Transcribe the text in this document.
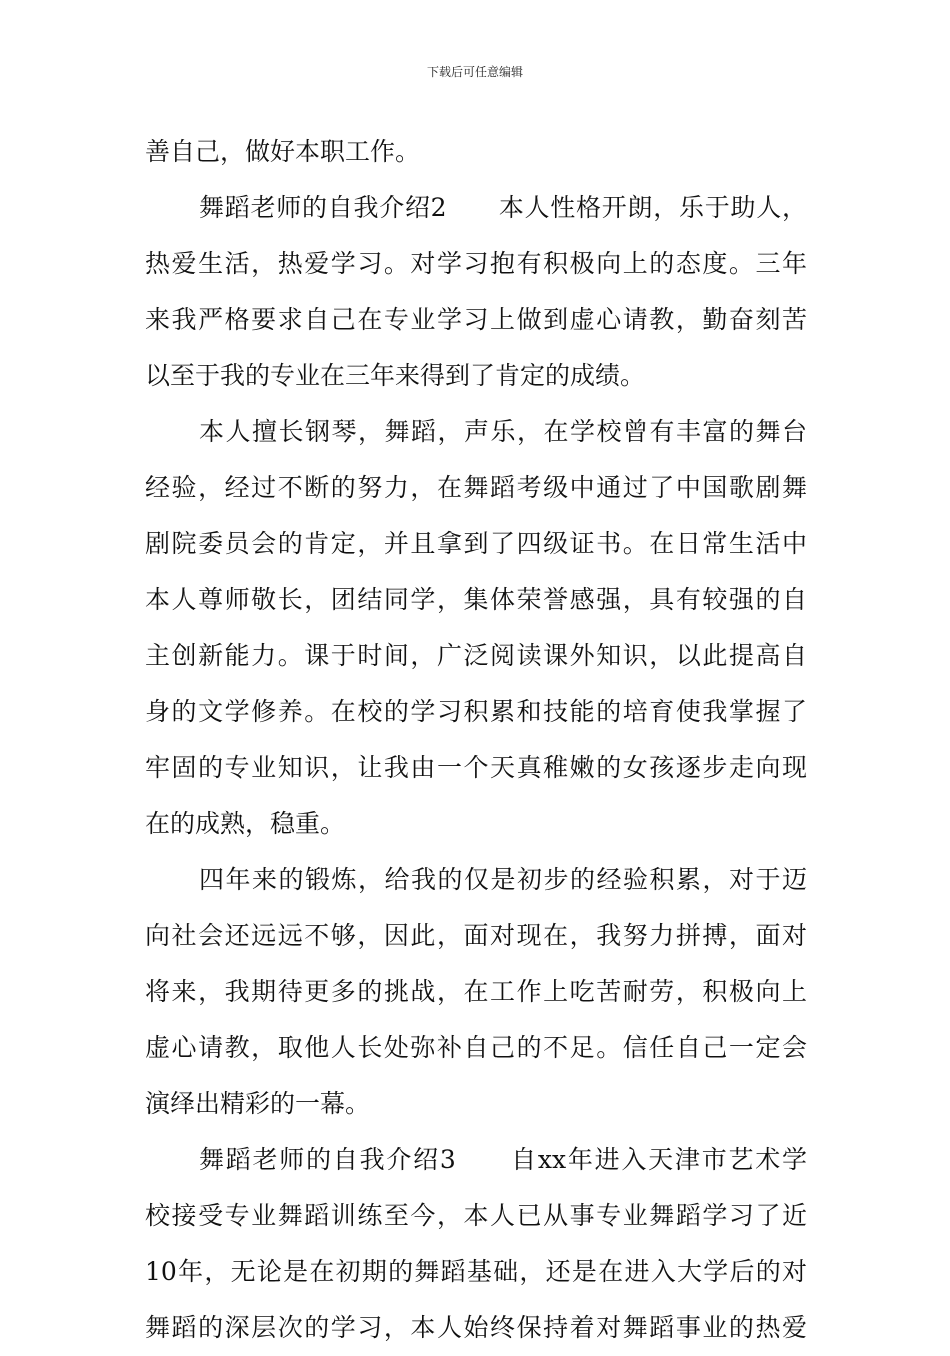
下载后可任意编辑
善自己，做好本职工作。
舞蹈老师的自我介绍2　　本人性格开朗，乐于助人，
热爱生活，热爱学习。对学习抱有积极向上的态度。三年
来我严格要求自己在专业学习上做到虚心请教，勤奋刻苦
以至于我的专业在三年来得到了肯定的成绩。
本人擅长钢琴，舞蹈，声乐，在学校曾有丰富的舞台
经验，经过不断的努力，在舞蹈考级中通过了中国歌剧舞
剧院委员会的肯定，并且拿到了四级证书。在日常生活中
本人尊师敬长，团结同学，集体荣誉感强，具有较强的自
主创新能力。课于时间，广泛阅读课外知识，以此提高自
身的文学修养。在校的学习积累和技能的培育使我掌握了
牢固的专业知识，让我由一个天真稚嫩的女孩逐步走向现
在的成熟，稳重。
四年来的锻炼，给我的仅是初步的经验积累，对于迈
向社会还远远不够，因此，面对现在，我努力拼搏，面对
将来，我期待更多的挑战，在工作上吃苦耐劳，积极向上
虚心请教，取他人长处弥补自己的不足。信任自己一定会
演绎出精彩的一幕。
舞蹈老师的自我介绍3　　自xx年进入天津市艺术学
校接受专业舞蹈训练至今，本人已从事专业舞蹈学习了近
10年，无论是在初期的舞蹈基础，还是在进入大学后的对
舞蹈的深层次的学习，本人始终保持着对舞蹈事业的热爱
